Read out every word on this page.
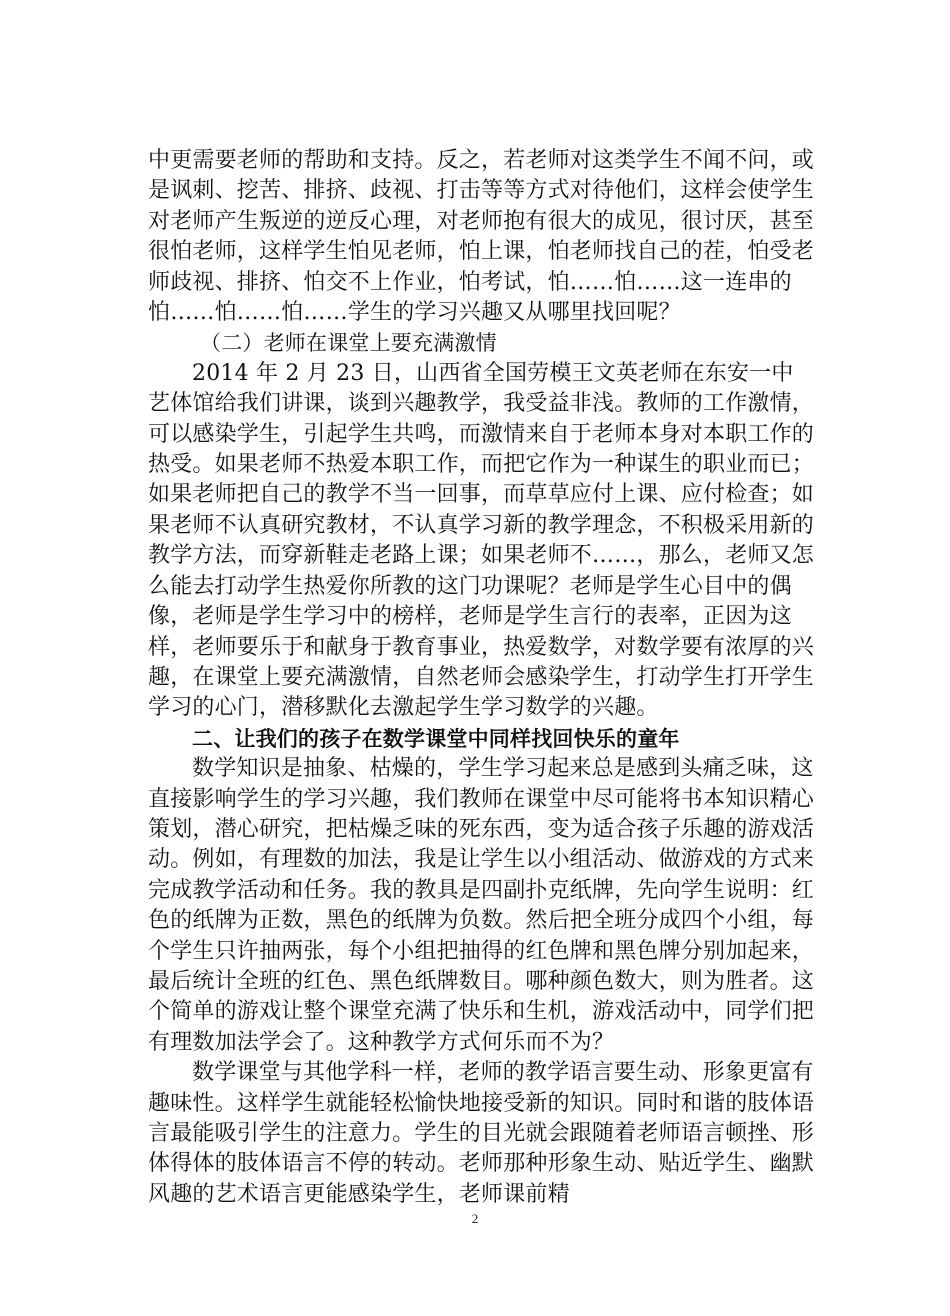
中更需要老师的帮助和支持。反之，若老师对这类学生不闻不问，或是讽刺、挖苦、排挤、歧视、打击等等方式对待他们，这样会使学生对老师产生叛逆的逆反心理，对老师抱有很大的成见，很讨厌，甚至很怕老师，这样学生怕见老师，怕上课，怕老师找自己的茬，怕受老师歧视、排挤、怕交不上作业，怕考试，怕……怕……这一连串的怕……怕……怕……学生的学习兴趣又从哪里找回呢？

（二）老师在课堂上要充满激情

2014 年 2 月 23 日，山西省全国劳模王文英老师在东安一中艺体馆给我们讲课，谈到兴趣教学，我受益非浅。教师的工作激情，可以感染学生，引起学生共鸣，而激情来自于老师本身对本职工作的热受。如果老师不热爱本职工作，而把它作为一种谋生的职业而已；如果老师把自己的教学不当一回事，而草草应付上课、应付检查；如果老师不认真研究教材，不认真学习新的教学理念，不积极采用新的教学方法，而穿新鞋走老路上课；如果老师不……，那么，老师又怎么能去打动学生热爱你所教的这门功课呢？老师是学生心目中的偶像，老师是学生学习中的榜样，老师是学生言行的表率，正因为这样，老师要乐于和献身于教育事业，热爱数学，对数学要有浓厚的兴趣，在课堂上要充满激情，自然老师会感染学生，打动学生打开学生学习的心门，潜移默化去激起学生学习数学的兴趣。

二、让我们的孩子在数学课堂中同样找回快乐的童年

数学知识是抽象、枯燥的，学生学习起来总是感到头痛乏味，这直接影响学生的学习兴趣，我们教师在课堂中尽可能将书本知识精心策划，潜心研究，把枯燥乏味的死东西，变为适合孩子乐趣的游戏活动。例如，有理数的加法，我是让学生以小组活动、做游戏的方式来完成教学活动和任务。我的教具是四副扑克纸牌，先向学生说明：红色的纸牌为正数，黑色的纸牌为负数。然后把全班分成四个小组，每个学生只许抽两张，每个小组把抽得的红色牌和黑色牌分别加起来，最后统计全班的红色、黑色纸牌数目。哪种颜色数大，则为胜者。这个简单的游戏让整个课堂充满了快乐和生机，游戏活动中，同学们把有理数加法学会了。这种教学方式何乐而不为？

数学课堂与其他学科一样，老师的教学语言要生动、形象更富有趣味性。这样学生就能轻松愉快地接受新的知识。同时和谐的肢体语言最能吸引学生的注意力。学生的目光就会跟随着老师语言顿挫、形体得体的肢体语言不停的转动。老师那种形象生动、贴近学生、幽默风趣的艺术语言更能感染学生，老师课前精

2
